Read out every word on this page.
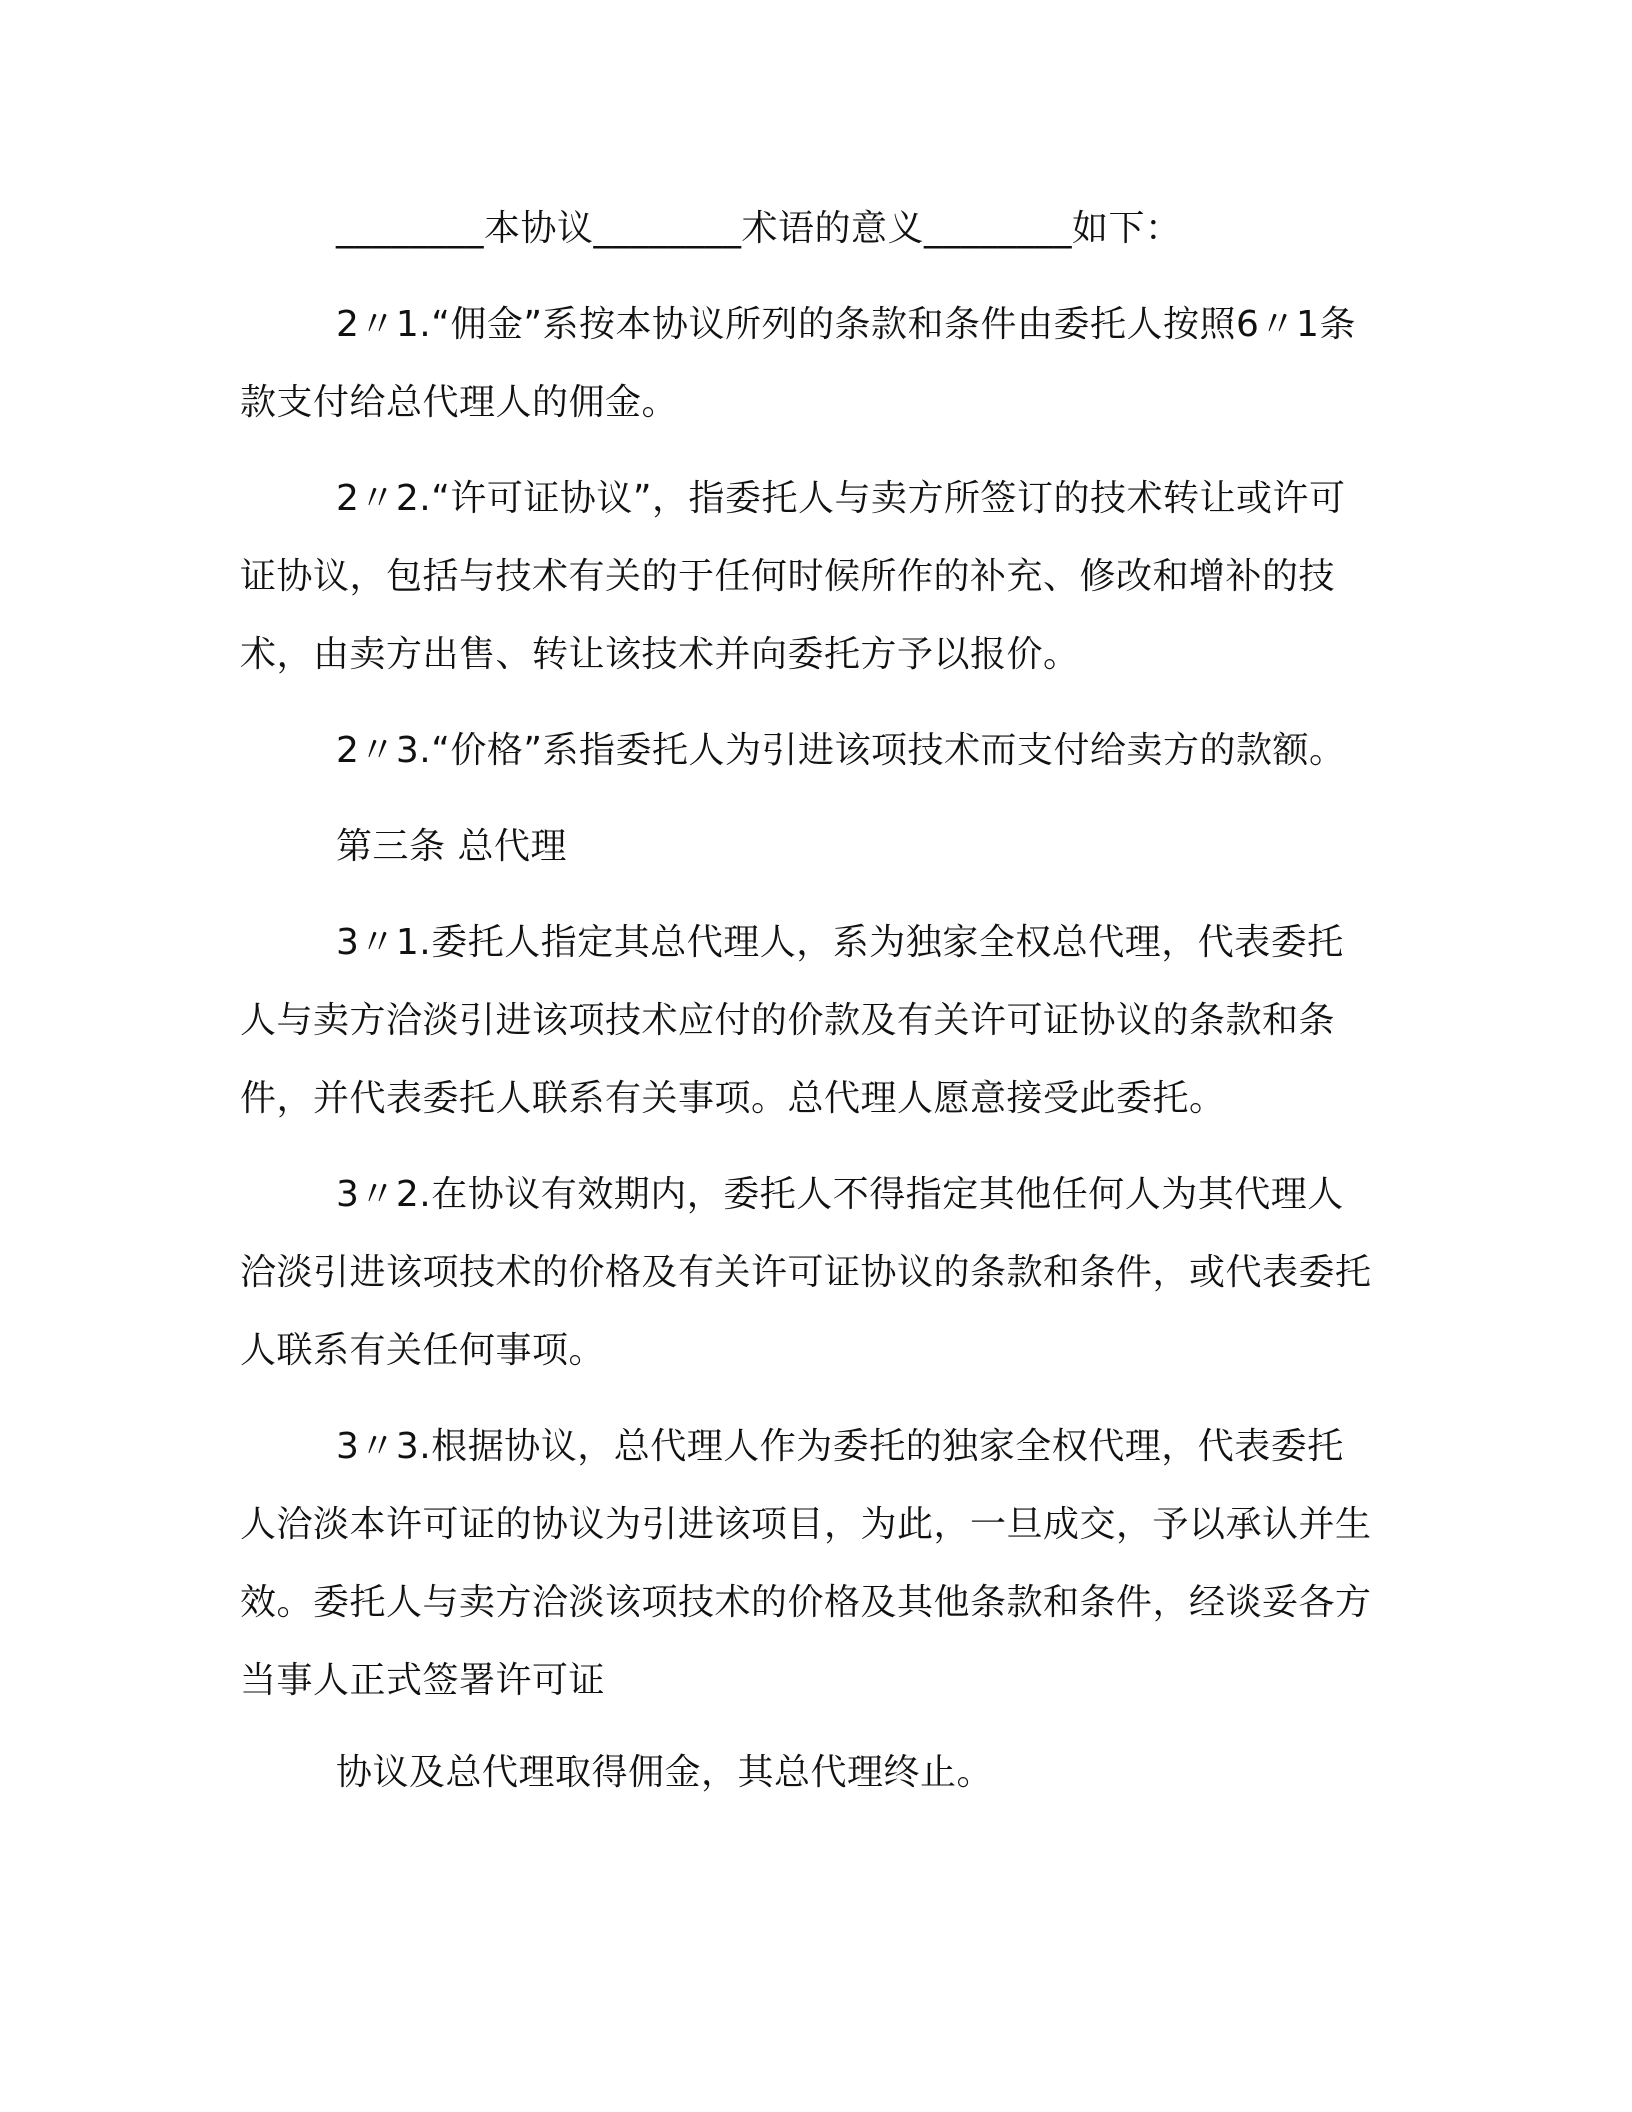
________本协议________术语的意义________如下：

2〃1.“佣金”系按本协议所列的条款和条件由委托人按照6〃1条款支付给总代理人的佣金。

2〃2.“许可证协议”，指委托人与卖方所签订的技术转让或许可证协议，包括与技术有关的于任何时候所作的补充、修改和增补的技术，由卖方出售、转让该技术并向委托方予以报价。

2〃3.“价格”系指委托人为引进该项技术而支付给卖方的款额。

第三条 总代理

3〃1.委托人指定其总代理人，系为独家全权总代理，代表委托人与卖方洽淡引进该项技术应付的价款及有关许可证协议的条款和条件，并代表委托人联系有关事项。总代理人愿意接受此委托。

3〃2.在协议有效期内，委托人不得指定其他任何人为其代理人洽淡引进该项技术的价格及有关许可证协议的条款和条件，或代表委托人联系有关任何事项。

3〃3.根据协议，总代理人作为委托的独家全权代理，代表委托人洽淡本许可证的协议为引进该项目，为此，一旦成交，予以承认并生效。委托人与卖方洽淡该项技术的价格及其他条款和条件，经谈妥各方当事人正式签署许可证

协议及总代理取得佣金，其总代理终止。
